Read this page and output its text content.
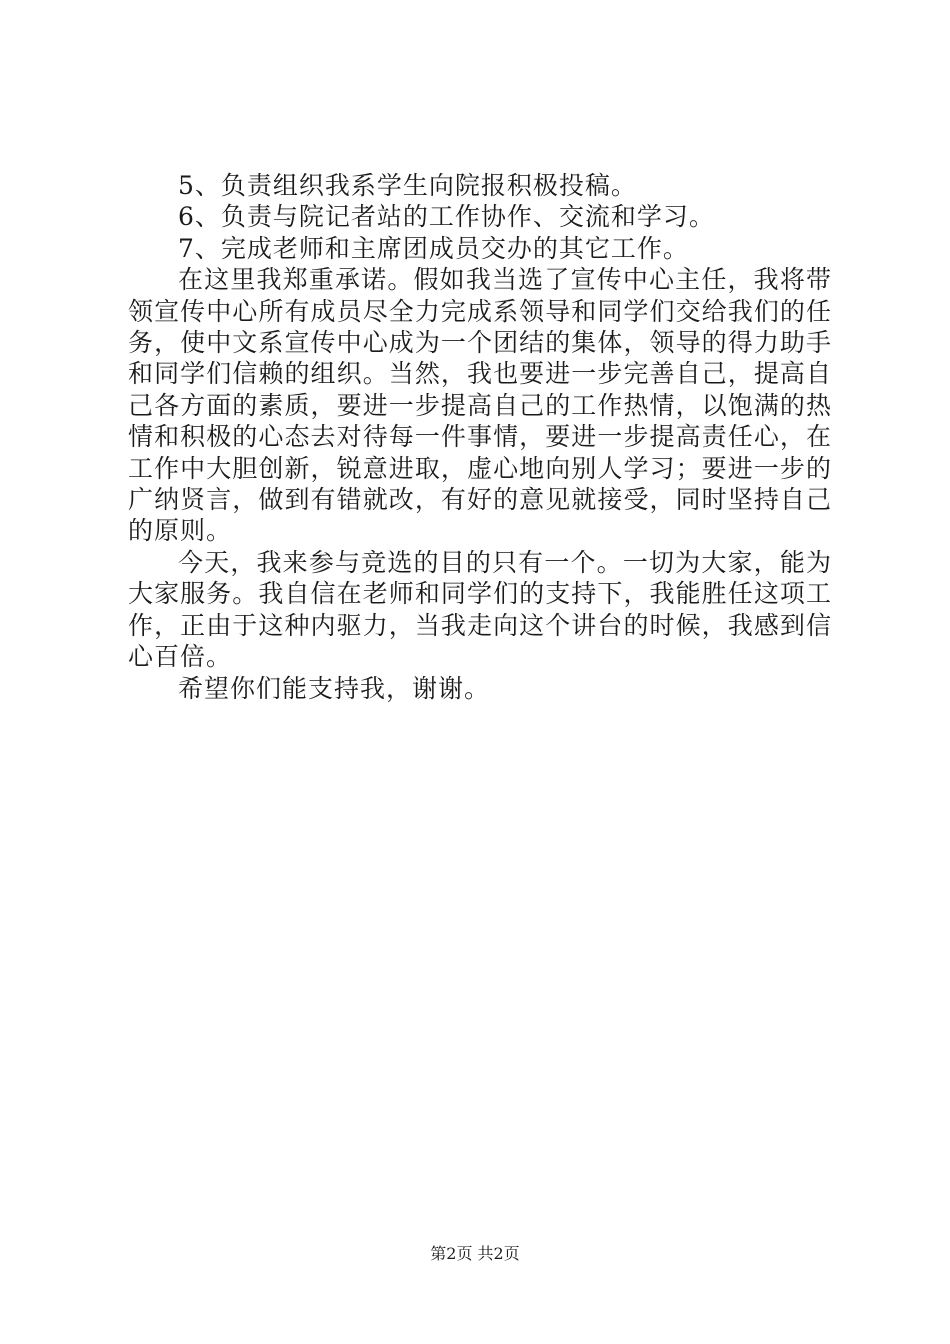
5、负责组织我系学生向院报积极投稿。

6、负责与院记者站的工作协作、交流和学习。

7、完成老师和主席团成员交办的其它工作。

在这里我郑重承诺。假如我当选了宣传中心主任，我将带领宣传中心所有成员尽全力完成系领导和同学们交给我们的任务，使中文系宣传中心成为一个团结的集体，领导的得力助手和同学们信赖的组织。当然，我也要进一步完善自己，提高自己各方面的素质，要进一步提高自己的工作热情，以饱满的热情和积极的心态去对待每一件事情，要进一步提高责任心，在工作中大胆创新，锐意进取，虚心地向别人学习；要进一步的广纳贤言，做到有错就改，有好的意见就接受，同时坚持自己的原则。

今天，我来参与竞选的目的只有一个。一切为大家，能为大家服务。我自信在老师和同学们的支持下，我能胜任这项工作，正由于这种内驱力，当我走向这个讲台的时候，我感到信心百倍。

希望你们能支持我，谢谢。

第2页 共2页
